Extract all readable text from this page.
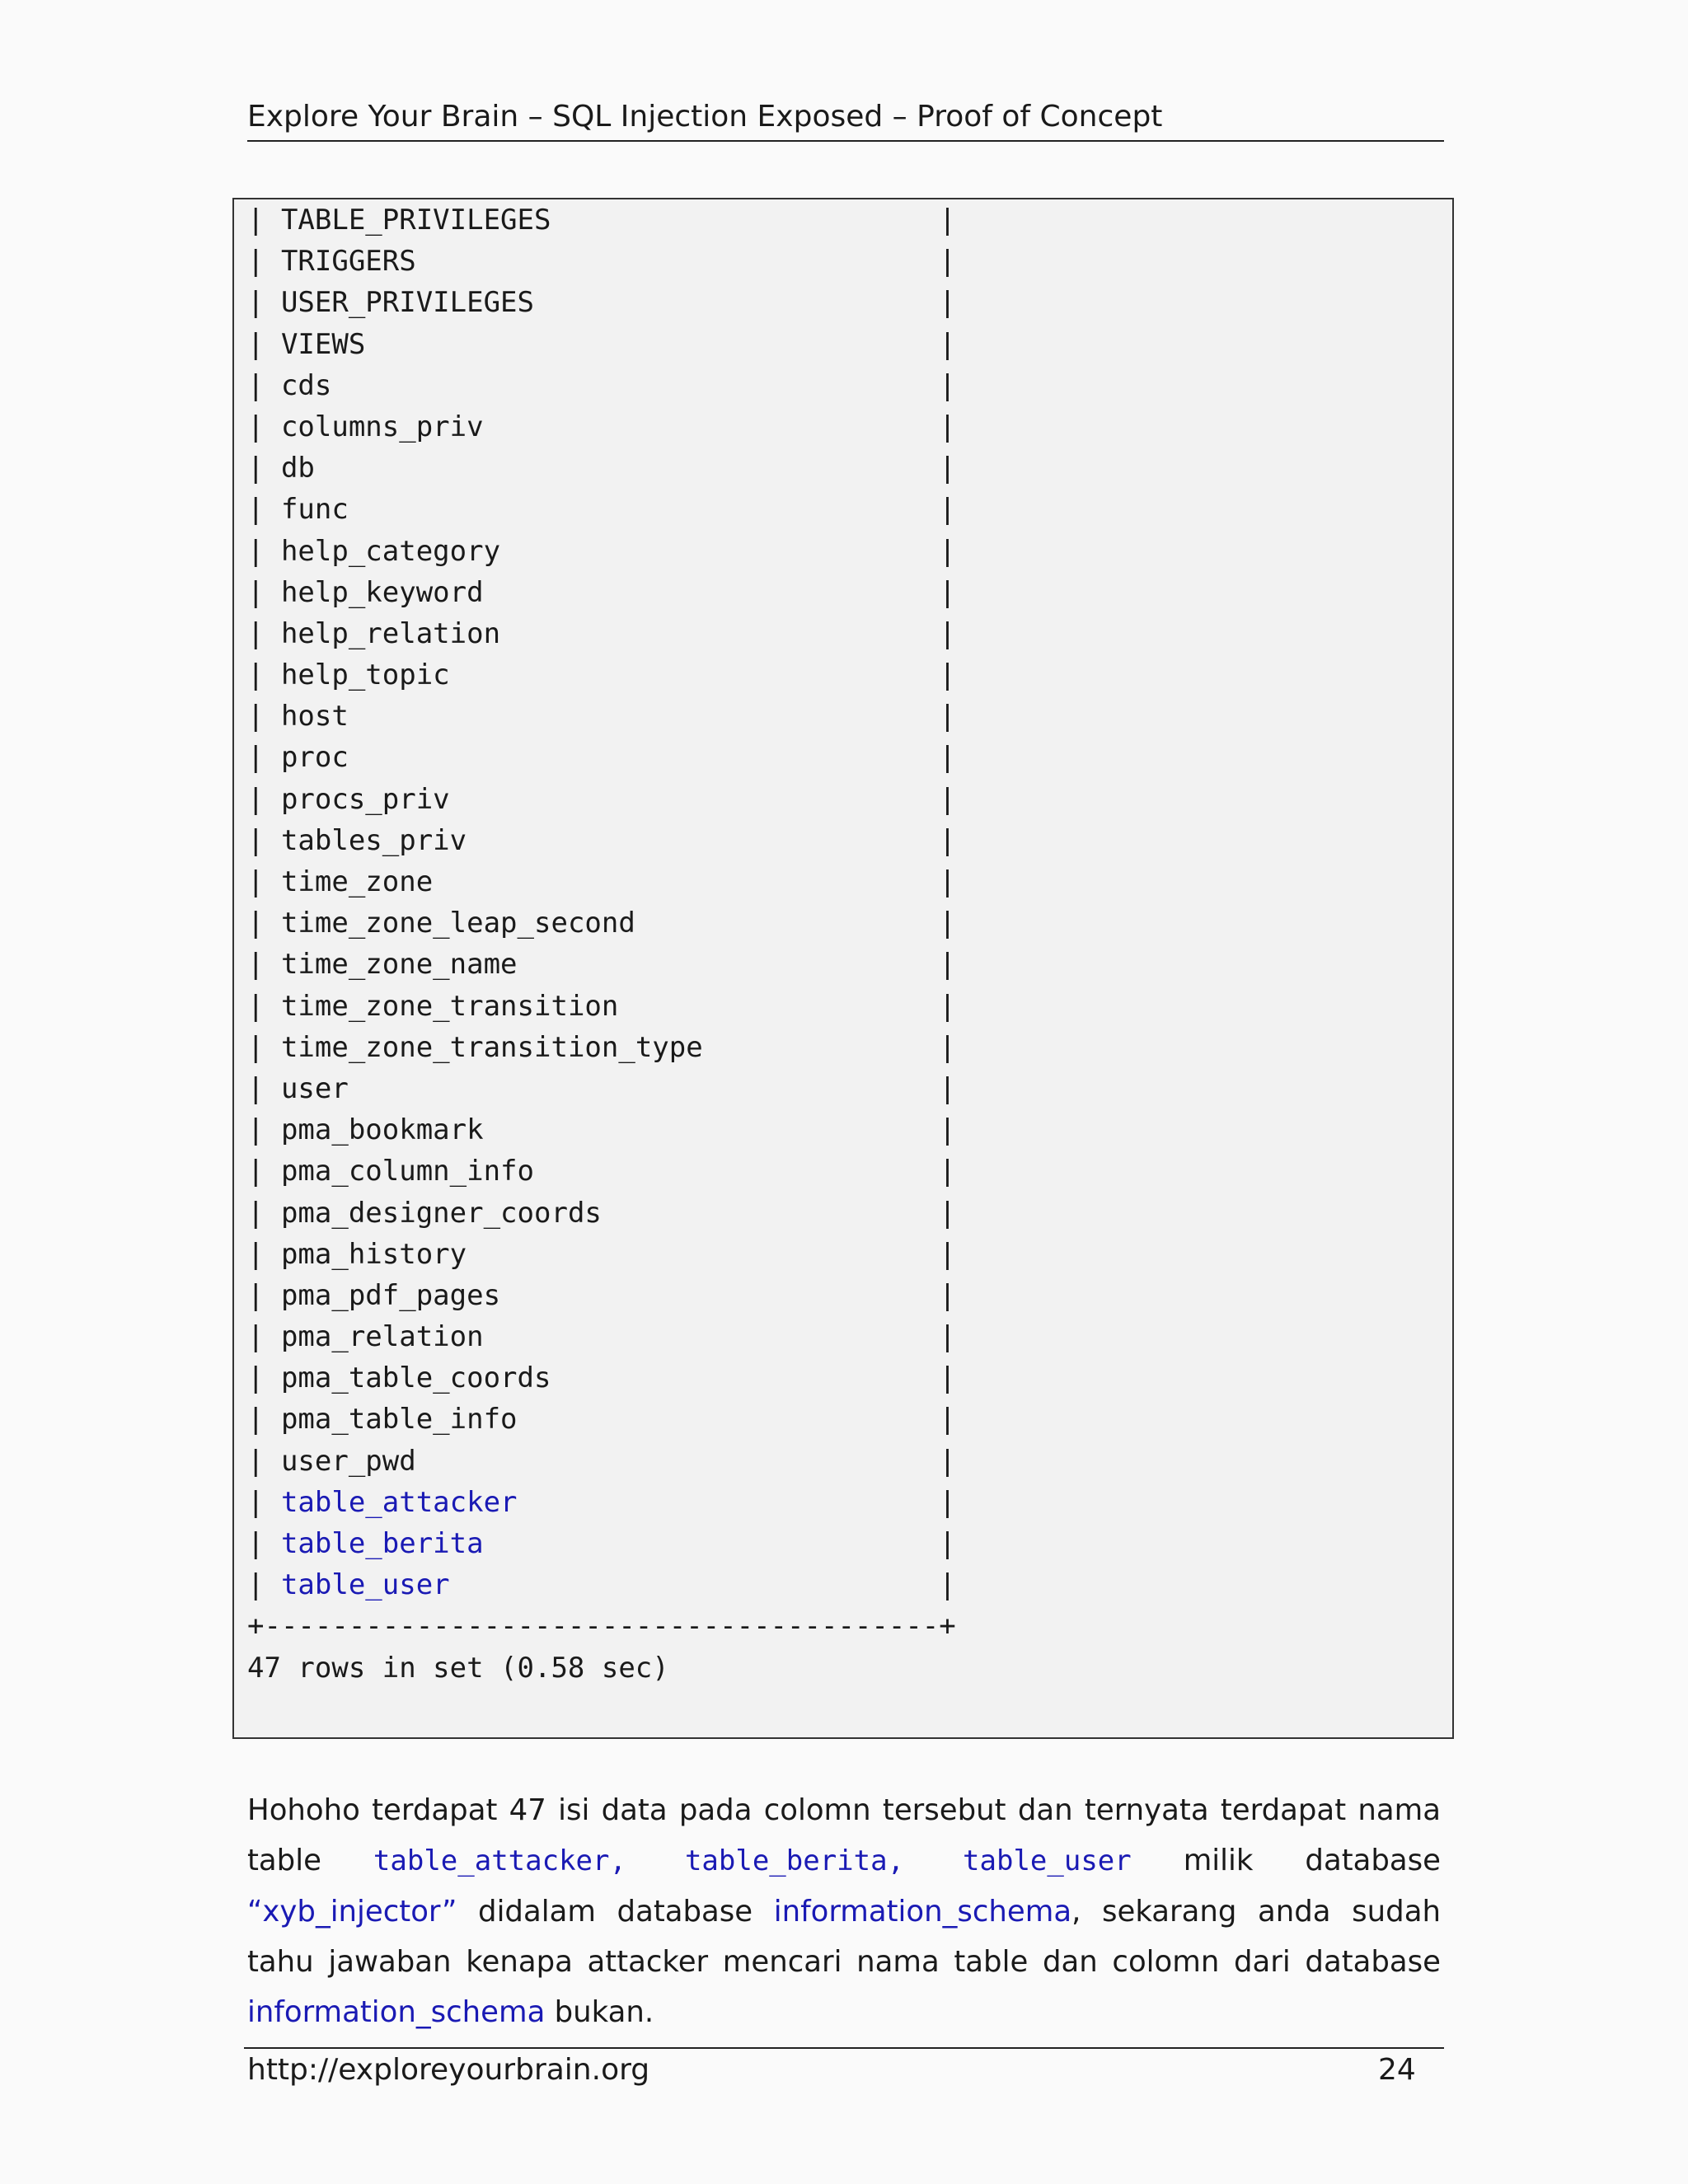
Explore Your Brain – SQL Injection Exposed – Proof of Concept
| TABLE_PRIVILEGES                       |
| TRIGGERS                               |
| USER_PRIVILEGES                        |
| VIEWS                                  |
| cds                                    |
| columns_priv                           |
| db                                     |
| func                                   |
| help_category                          |
| help_keyword                           |
| help_relation                          |
| help_topic                             |
| host                                   |
| proc                                   |
| procs_priv                             |
| tables_priv                            |
| time_zone                              |
| time_zone_leap_second                  |
| time_zone_name                         |
| time_zone_transition                   |
| time_zone_transition_type              |
| user                                   |
| pma_bookmark                           |
| pma_column_info                        |
| pma_designer_coords                    |
| pma_history                            |
| pma_pdf_pages                          |
| pma_relation                           |
| pma_table_coords                       |
| pma_table_info                         |
| user_pwd                               |
| table_attacker                         |
| table_berita                           |
| table_user                             |
+----------------------------------------+
47 rows in set (0.58 sec)
Hohoho terdapat 47 isi data pada colomn tersebut dan ternyata terdapat nama table table_attacker, table_berita, table_user milik database “xyb_injector” didalam database information_schema, sekarang anda sudah tahu jawaban kenapa attacker mencari nama table dan colomn dari database information_schema bukan.
http://exploreyourbrain.org	24
